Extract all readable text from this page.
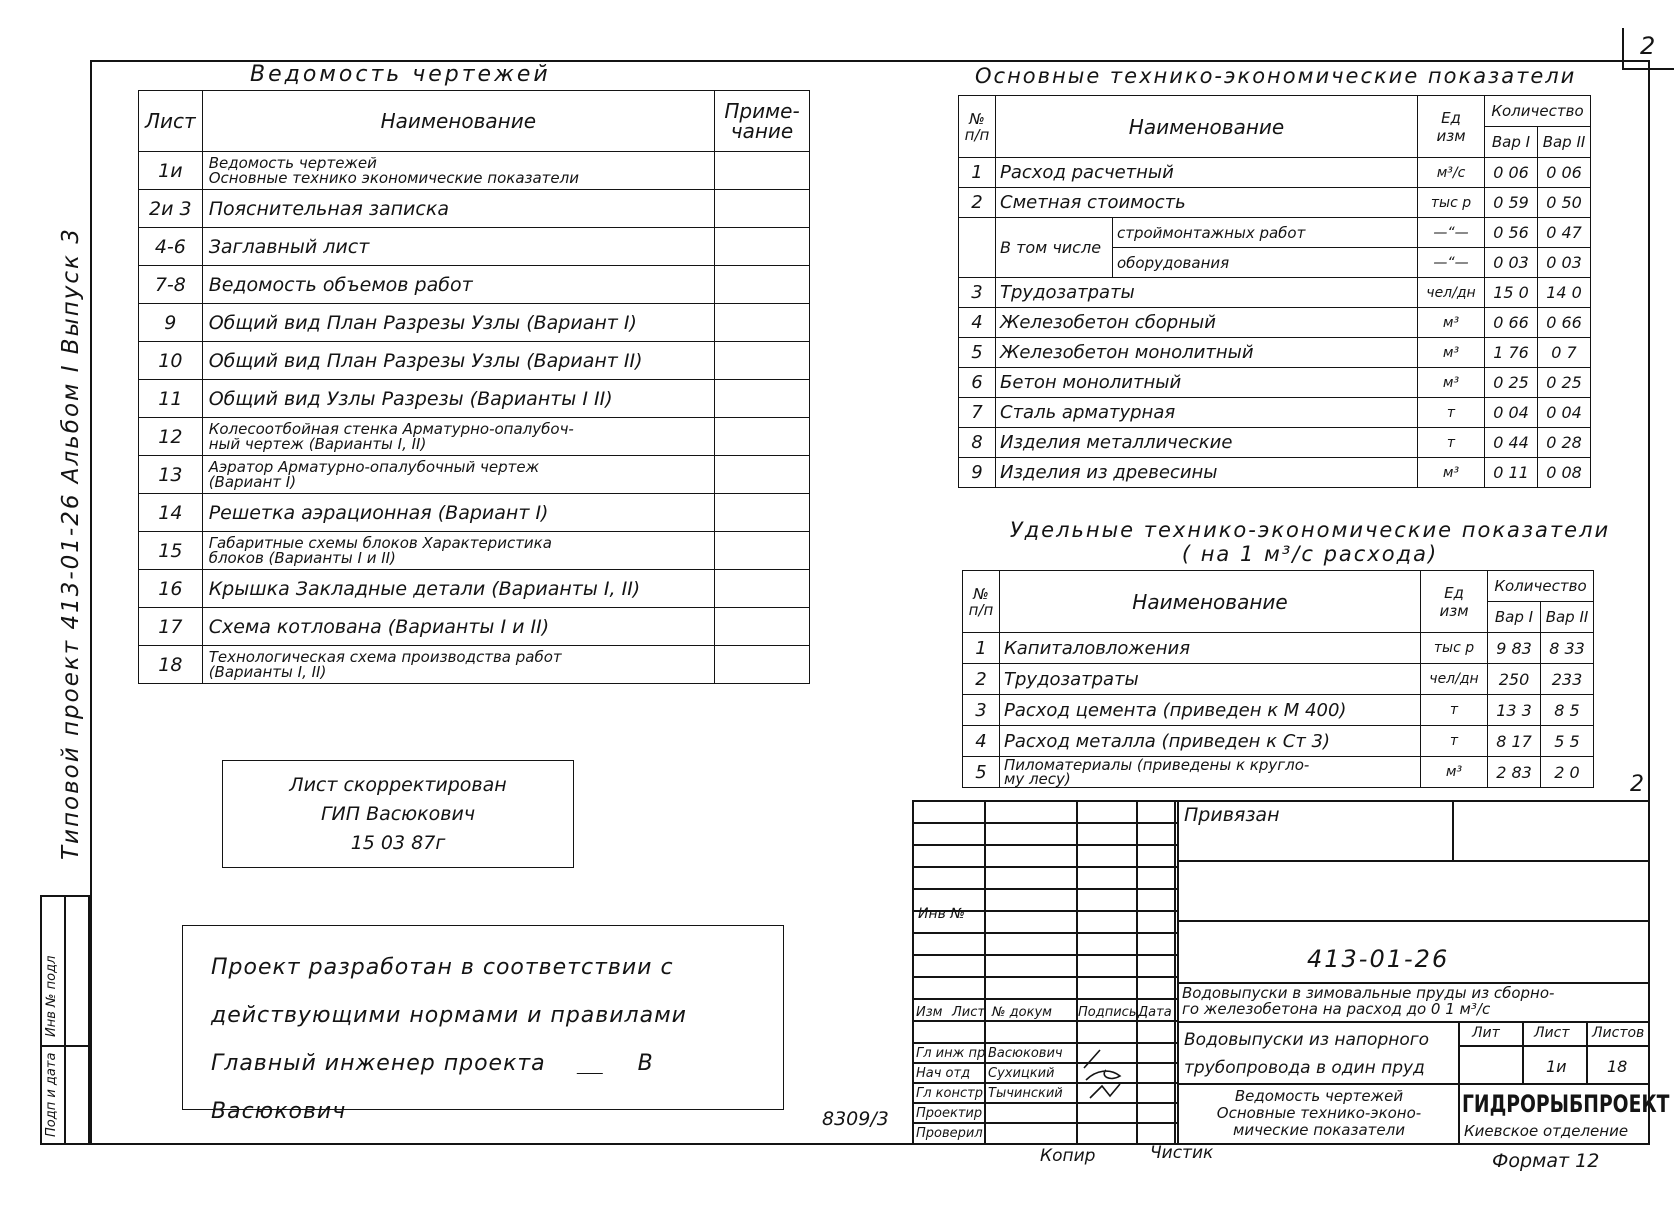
2
Типовой проект 413-01-26 Альбом I Выпуск 3
Инв № подл
Подп и дата
Ведомость чертежей
Лист	Наименование	Приме-
чание
1и	Ведомость чертежей
Основные технико экономические показатели	
2и 3	Пояснительная записка	
4-6	Заглавный лист	
7-8	Ведомость объемов работ	
9	Общий вид План Разрезы Узлы (Вариант I)	
10	Общий вид План Разрезы Узлы (Вариант II)	
11	Общий вид Узлы Разрезы (Варианты I II)	
12	Колесоотбойная стенка Арматурно-опалубоч-
ный чертеж (Варианты I, II)	
13	Аэратор Арматурно-опалубочный чертеж
(Вариант I)	
14	Решетка аэрационная (Вариант I)	
15	Габаритные схемы блоков Характеристика
блоков (Варианты I и II)	
16	Крышка Закладные детали (Варианты I, II)	
17	Схема котлована (Варианты I и II)	
18	Технологическая схема производства работ
(Варианты I, II)	
Основные технико-экономические показатели
№
п/п	Наименование		Ед
изм	Количество	
				Вар I	Вар II
1	Расход расчетный		м³/с	0 06	0 06
2	Сметная стоимость		тыс р	0 59	0 50
	В том числе	строймонтажных работ	—“—	0 56	0 47
		оборудования	—“—	0 03	0 03
3	Трудозатраты		чел/дн	15 0	14 0
4	Железобетон сборный		м³	0 66	0 66
5	Железобетон монолитный		м³	1 76	0 7
6	Бетон монолитный		м³	0 25	0 25
7	Сталь арматурная		т	0 04	0 04
8	Изделия металлические		т	0 44	0 28
9	Изделия из древесины		м³	0 11	0 08
Удельные технико-экономические показатели
( на 1 м³/с расхода)
№
п/п	Наименование	Ед
изм	Количество	
			Вар I	Вар II
1	Капиталовложения	тыс р	9 83	8 33
2	Трудозатраты	чел/дн	250	233
3	Расход цемента (приведен к М 400)	т	13 3	8 5
4	Расход металла (приведен к Ст 3)	т	8 17	5 5
5	Пиломатериалы (приведены к кругло-
му лесу)	м³	2 83	2 0 2
Лист скорректирован
ГИП Васюкович
15 03 87г
Проект разработан в соответствии с
действующими нормами и правилами
Главный инженер проекта	В Васюкович	8309/3
Инв №
Изм Лист № докум Подпись Дата
Гл инж пр Васюкович
Нач отд Сухицкий
Гл констр Тычинский
Проектир
Проверил
Привязан
413-01-26
Водовыпуски в зимовальные пруды из сборно-
го железобетона на расход до 0 1 м³/с
Водовыпуски из напорного
трубопровода в один пруд
Ведомость чертежей
Основные технико-эконо-
мические показатели
Лит Лист Листов
1и	18
ГИДРОРЫБПРОЕКТ
Киевское отделение
Копир	Чистик	Формат 12
